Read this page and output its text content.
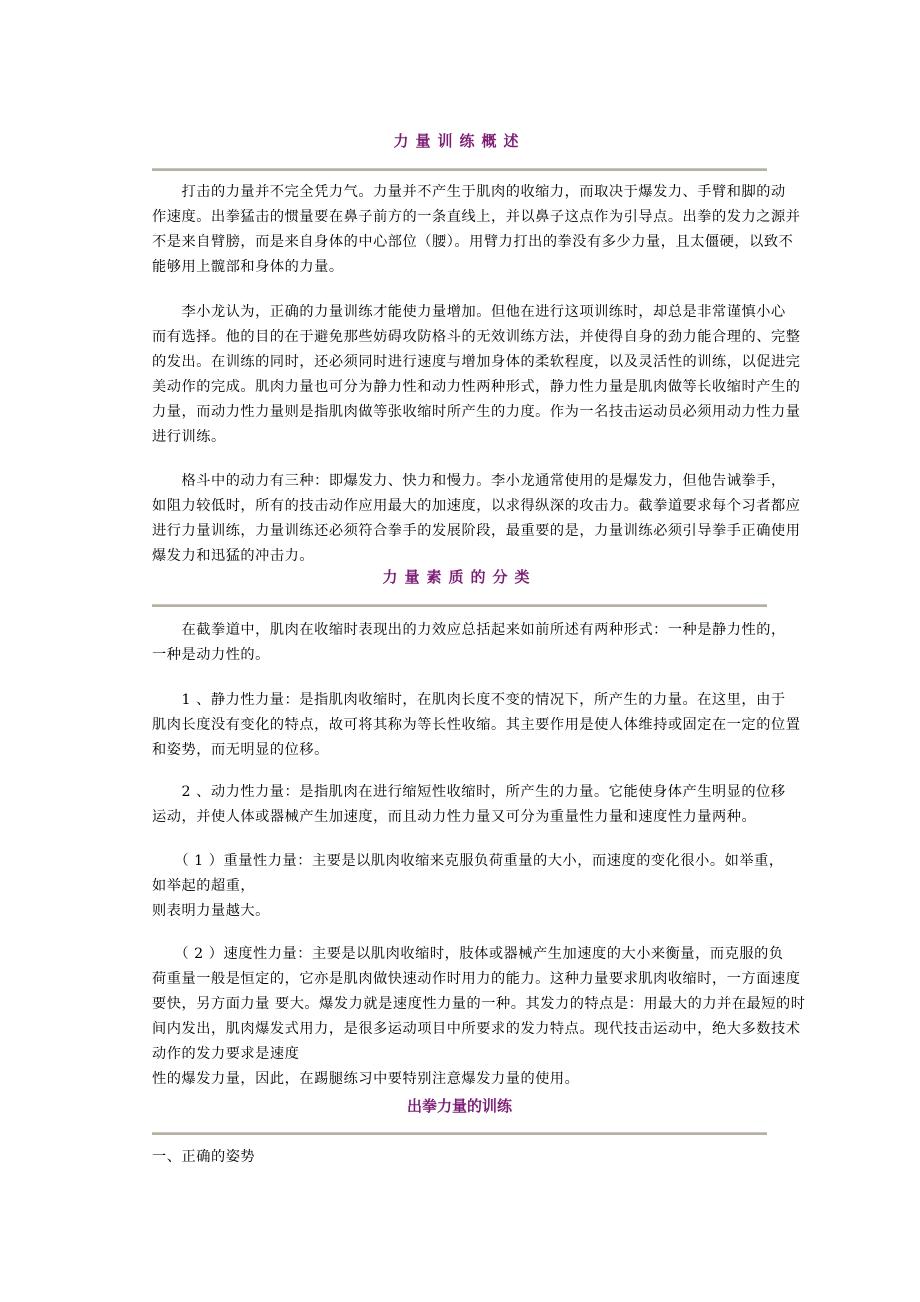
力量训练概述
　　打击的力量并不完全凭力气。力量并不产生于肌肉的收缩力，而取决于爆发力、手臂和脚的动
作速度。出拳猛击的惯量要在鼻子前方的一条直线上，并以鼻子这点作为引导点。出拳的发力之源并
不是来自臂膀，而是来自身体的中心部位（腰）。用臂力打出的拳没有多少力量，且太僵硬，以致不
能够用上髋部和身体的力量。
　　李小龙认为，正确的力量训练才能使力量增加。但他在进行这项训练时，却总是非常谨慎小心
而有选择。他的目的在于避免那些妨碍攻防格斗的无效训练方法，并使得自身的劲力能合理的、完整
的发出。在训练的同时，还必须同时进行速度与增加身体的柔软程度，以及灵活性的训练，以促进完
美动作的完成。肌肉力量也可分为静力性和动力性两种形式，静力性力量是肌肉做等长收缩时产生的
力量，而动力性力量则是指肌肉做等张收缩时所产生的力度。作为一名技击运动员必须用动力性力量
进行训练。
　　格斗中的动力有三种：即爆发力、快力和慢力。李小龙通常使用的是爆发力，但他告诫拳手，
如阻力较低时，所有的技击动作应用最大的加速度，以求得纵深的攻击力。截拳道要求每个习者都应
进行力量训练，力量训练还必须符合拳手的发展阶段，最重要的是，力量训练必须引导拳手正确使用
爆发力和迅猛的冲击力。
力量素质的分类
　　在截拳道中，肌肉在收缩时表现出的力效应总括起来如前所述有两种形式：一种是静力性的，
一种是动力性的。
　　1 、静力性力量：是指肌肉收缩时，在肌肉长度不变的情况下，所产生的力量。在这里，由于
肌肉长度没有变化的特点，故可将其称为等长性收缩。其主要作用是使人体维持或固定在一定的位置
和姿势，而无明显的位移。
　　2 、动力性力量：是指肌肉在进行缩短性收缩时，所产生的力量。它能使身体产生明显的位移
运动，并使人体或器械产生加速度，而且动力性力量又可分为重量性力量和速度性力量两种。
　　（ 1 ）重量性力量：主要是以肌肉收缩来克服负荷重量的大小，而速度的变化很小。如举重，
如举起的超重，
则表明力量越大。
　　（ 2 ）速度性力量：主要是以肌肉收缩时，肢体或器械产生加速度的大小来衡量，而克服的负
荷重量一般是恒定的，它亦是肌肉做快速动作时用力的能力。这种力量要求肌肉收缩时，一方面速度
要快，另方面力量 要大。爆发力就是速度性力量的一种。其发力的特点是：用最大的力并在最短的时
间内发出，肌肉爆发式用力，是很多运动项目中所要求的发力特点。现代技击运动中，绝大多数技术
动作的发力要求是速度
性的爆发力量，因此，在踢腿练习中要特别注意爆发力量的使用。
出拳力量的训练
一、正确的姿势
